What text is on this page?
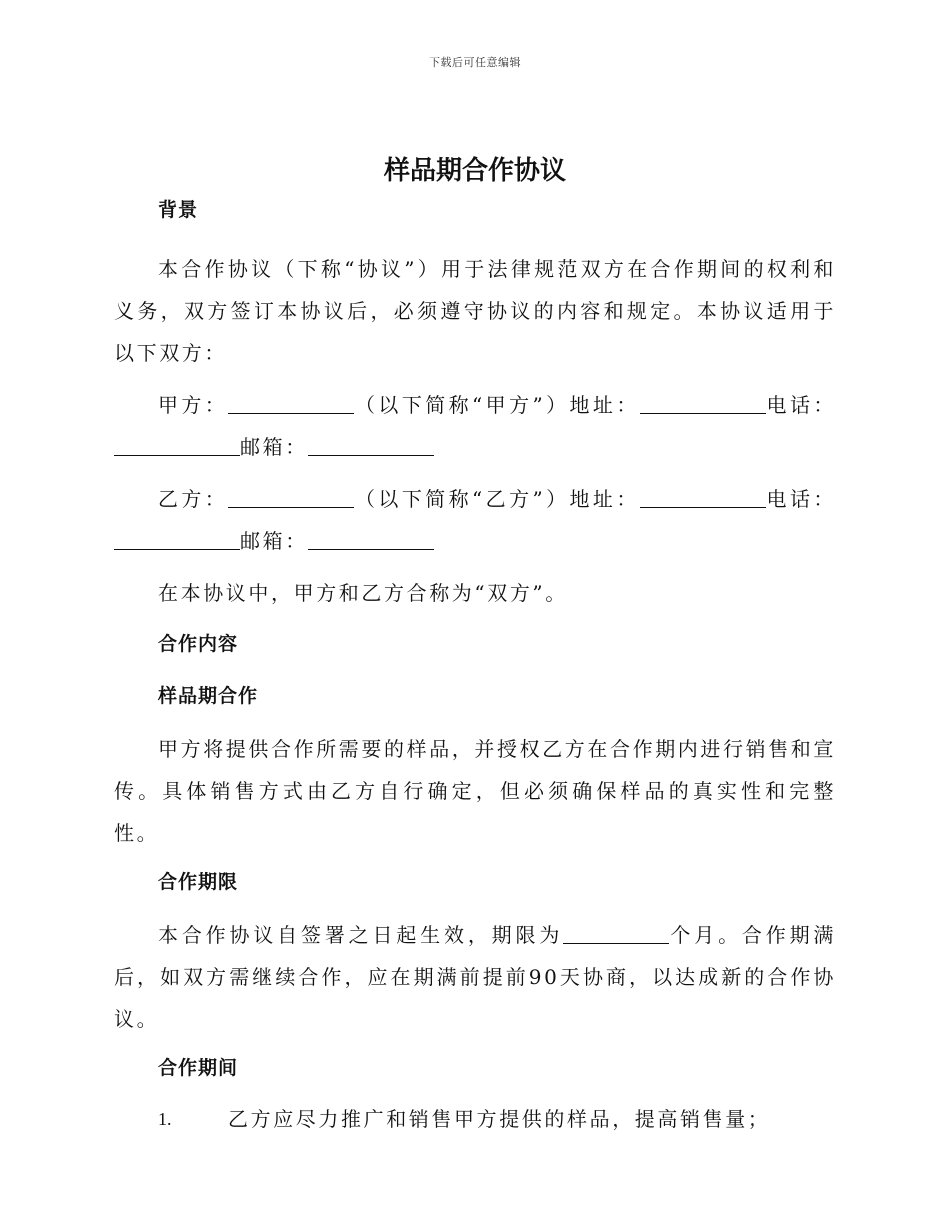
下载后可任意编辑
样品期合作协议

背景

本合作协议（下称“协议”）用于法律规范双方在合作期间的权利和义务，双方签订本协议后，必须遵守协议的内容和规定。本协议适用于以下双方：

甲方：	（以下简称“甲方”）地址：	电话：邮箱：

乙方：	（以下简称“乙方”）地址：	电话：邮箱：

在本协议中，甲方和乙方合称为“双方”。

合作内容

样品期合作

甲方将提供合作所需要的样品，并授权乙方在合作期内进行销售和宣传。具体销售方式由乙方自行确定，但必须确保样品的真实性和完整性。

合作期限

本合作协议自签署之日起生效，期限为	个月。合作期满后，如双方需继续合作，应在期满前提前90天协商，以达成新的合作协议。

合作期间

1.	乙方应尽力推广和销售甲方提供的样品，提高销售量；
